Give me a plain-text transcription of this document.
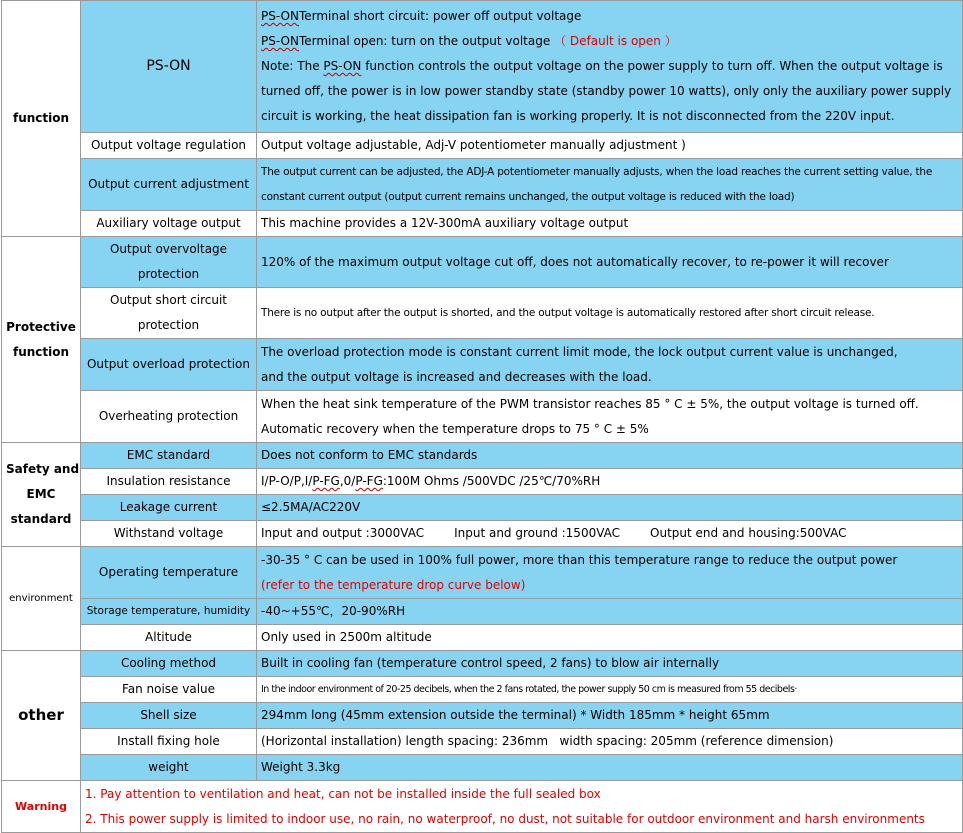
function	PS-ON	PS-ONTerminal short circuit: power off output voltage
PS-ONTerminal open: turn on the output voltage （ Default is open ）
Note: The PS-ON function controls the output voltage on the power supply to turn off. When the output voltage is turned off, the power is in low power standby state (standby power 10 watts), only only the auxiliary power supply circuit is working, the heat dissipation fan is working properly. It is not disconnected from the 220V input.

	Output voltage regulation	Output voltage adjustable, Adj-V potentiometer manually adjustment )
	Output current adjustment	The output current can be adjusted, the ADJ-A potentiometer manually adjusts, when the load reaches the current setting value, the
constant current output (output current remains unchanged, the output voltage is reduced with the load)

	Auxiliary voltage output	This machine provides a 12V-300mA auxiliary voltage output

Protective
function	Output overvoltage protection	120% of the maximum output voltage cut off, does not automatically recover, to re-power it will recover
	Output short circuit protection	There is no output after the output is shorted, and the output voltage is automatically restored after short circuit release.
	Output overload protection	The overload protection mode is constant current limit mode, the lock output current value is unchanged,
and the output voltage is increased and decreases with the load.

	Overheating protection	When the heat sink temperature of the PWM transistor reaches 85 ° C ± 5%, the output voltage is turned off.
Automatic recovery when the temperature drops to 75 ° C ± 5%

Safety and
EMC
standard	EMC standard	Does not conform to EMC standards
	Insulation resistance	I/P-O/P,I/P-FG,0/P-FG:100M Ohms /500VDC /25℃/70%RH
	Leakage current	≤2.5MA/AC220V
	Withstand voltage	Input and output :3000VAC Input and ground :1500VAC Output end and housing:500VAC
environment	Operating temperature	-30-35 ° C can be used in 100% full power, more than this temperature range to reduce the output power
(refer to the temperature drop curve below)

	Storage temperature, humidity	-40~+55℃，20-90%RH
	Altitude	Only used in 2500m altitude
other	Cooling method	Built in cooling fan (temperature control speed, 2 fans) to blow air internally
	Fan noise value	In the indoor environment of 20-25 decibels, when the 2 fans rotated, the power supply 50 cm is measured from 55 decibels·
	Shell size	294mm long (45mm extension outside the terminal) * Width 185mm * height 65mm
	Install fixing hole	(Horizontal installation) length spacing: 236mm   width spacing: 205mm (reference dimension)
	weight	Weight 3.3kg
Warning	1. Pay attention to ventilation and heat, can not be installed inside the full sealed box
2. This power supply is limited to indoor use, no rain, no waterproof, no dust, not suitable for outdoor environment and harsh environments	
